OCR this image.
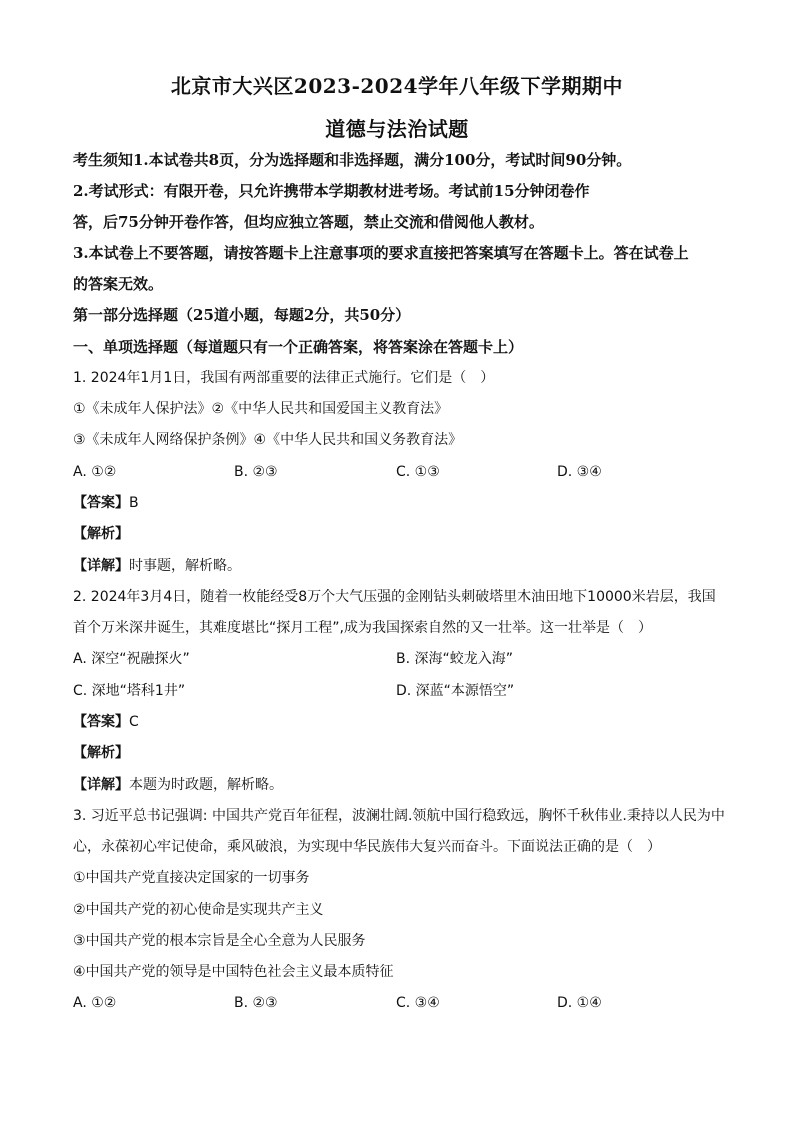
北京市大兴区2023-2024学年八年级下学期期中
道德与法治试题
考生须知1.本试卷共8页，分为选择题和非选择题，满分100分，考试时间90分钟。
2.考试形式：有限开卷，只允许携带本学期教材进考场。考试前15分钟闭卷作
答，后75分钟开卷作答，但均应独立答题，禁止交流和借阅他人教材。
3.本试卷上不要答题，请按答题卡上注意事项的要求直接把答案填写在答题卡上。答在试卷上
的答案无效。
第一部分选择题（25道小题，每题2分，共50分）
一、单项选择题（每道题只有一个正确答案，将答案涂在答题卡上）
1. 2024年1月1日，我国有两部重要的法律正式施行。它们是（　）
①《未成年人保护法》②《中华人民共和国爱国主义教育法》
③《未成年人网络保护条例》④《中华人民共和国义务教育法》
A. ①②	B. ②③	C. ①③	D. ③④
【答案】B
【解析】
【详解】时事题，解析略。
2. 2024年3月4日，随着一枚能经受8万个大气压强的金刚钻头刺破塔里木油田地下10000米岩层，我国
首个万米深井诞生，其难度堪比“探月工程”,成为我国探索自然的又一壮举。这一壮举是（　）
A. 深空“祝融探火”	B. 深海“蛟龙入海”
C. 深地“塔科1井”	D. 深蓝“本源悟空”
【答案】C
【解析】
【详解】本题为时政题，解析略。
3. 习近平总书记强调: 中国共产党百年征程，波澜壮阔.领航中国行稳致远，胸怀千秋伟业.秉持以人民为中
心，永葆初心牢记使命，乘风破浪，为实现中华民族伟大复兴而奋斗。下面说法正确的是（　）
①中国共产党直接决定国家的一切事务
②中国共产党的初心使命是实现共产主义
③中国共产党的根本宗旨是全心全意为人民服务
④中国共产党的领导是中国特色社会主义最本质特征
A. ①②	B. ②③	C. ③④	D. ①④
